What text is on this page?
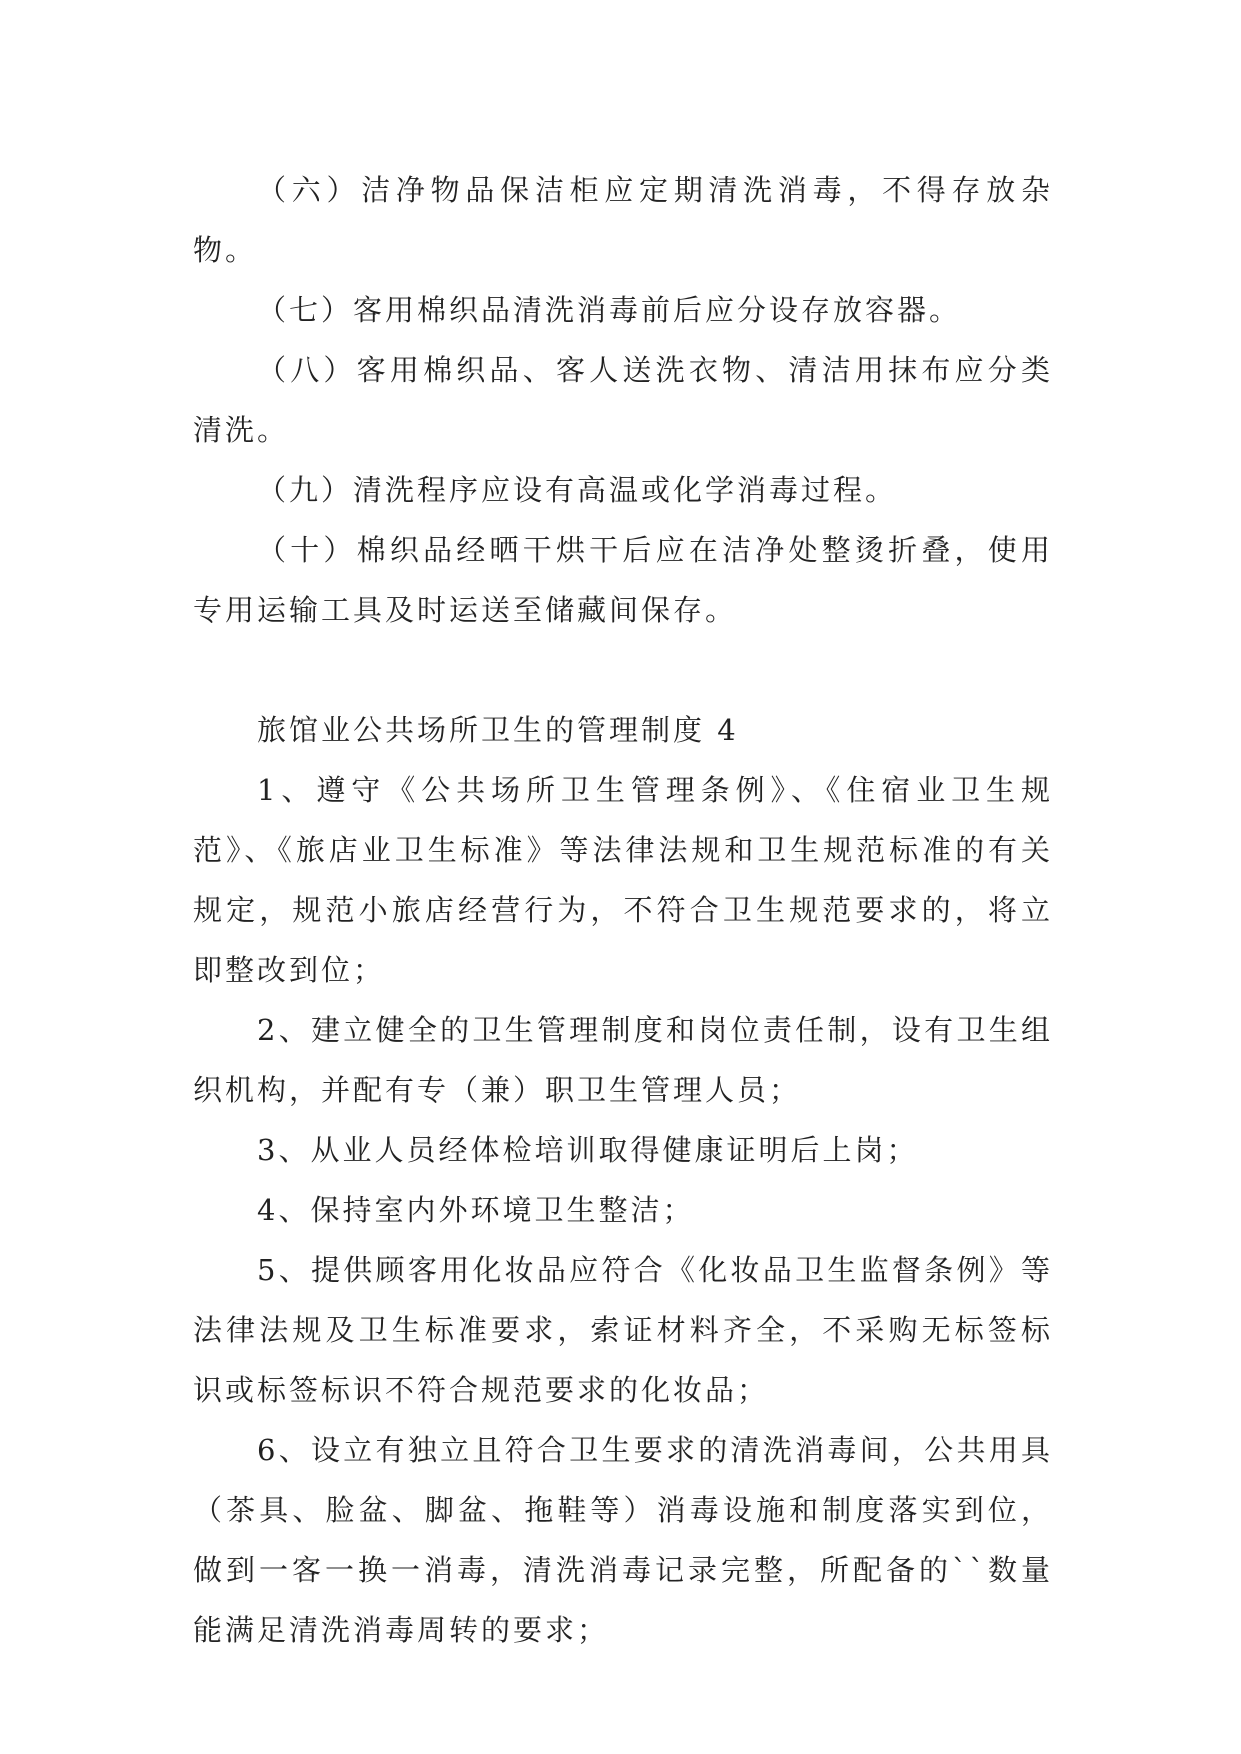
（六）洁净物品保洁柜应定期清洗消毒，不得存放杂物。

（七）客用棉织品清洗消毒前后应分设存放容器。

（八）客用棉织品、客人送洗衣物、清洁用抹布应分类清洗。

（九）清洗程序应设有高温或化学消毒过程。

（十）棉织品经晒干烘干后应在洁净处整烫折叠，使用专用运输工具及时运送至储藏间保存。

旅馆业公共场所卫生的管理制度 4

1、遵守《公共场所卫生管理条例》、《住宿业卫生规范》、《旅店业卫生标准》等法律法规和卫生规范标准的有关规定，规范小旅店经营行为，不符合卫生规范要求的，将立即整改到位；

2、建立健全的卫生管理制度和岗位责任制，设有卫生组织机构，并配有专（兼）职卫生管理人员；

3、从业人员经体检培训取得健康证明后上岗；

4、保持室内外环境卫生整洁；

5、提供顾客用化妆品应符合《化妆品卫生监督条例》等法律法规及卫生标准要求，索证材料齐全，不采购无标签标识或标签标识不符合规范要求的化妆品；

6、设立有独立且符合卫生要求的清洗消毒间，公共用具（茶具、脸盆、脚盆、拖鞋等）消毒设施和制度落实到位，做到一客一换一消毒，清洗消毒记录完整，所配备的``数量能满足清洗消毒周转的要求；
